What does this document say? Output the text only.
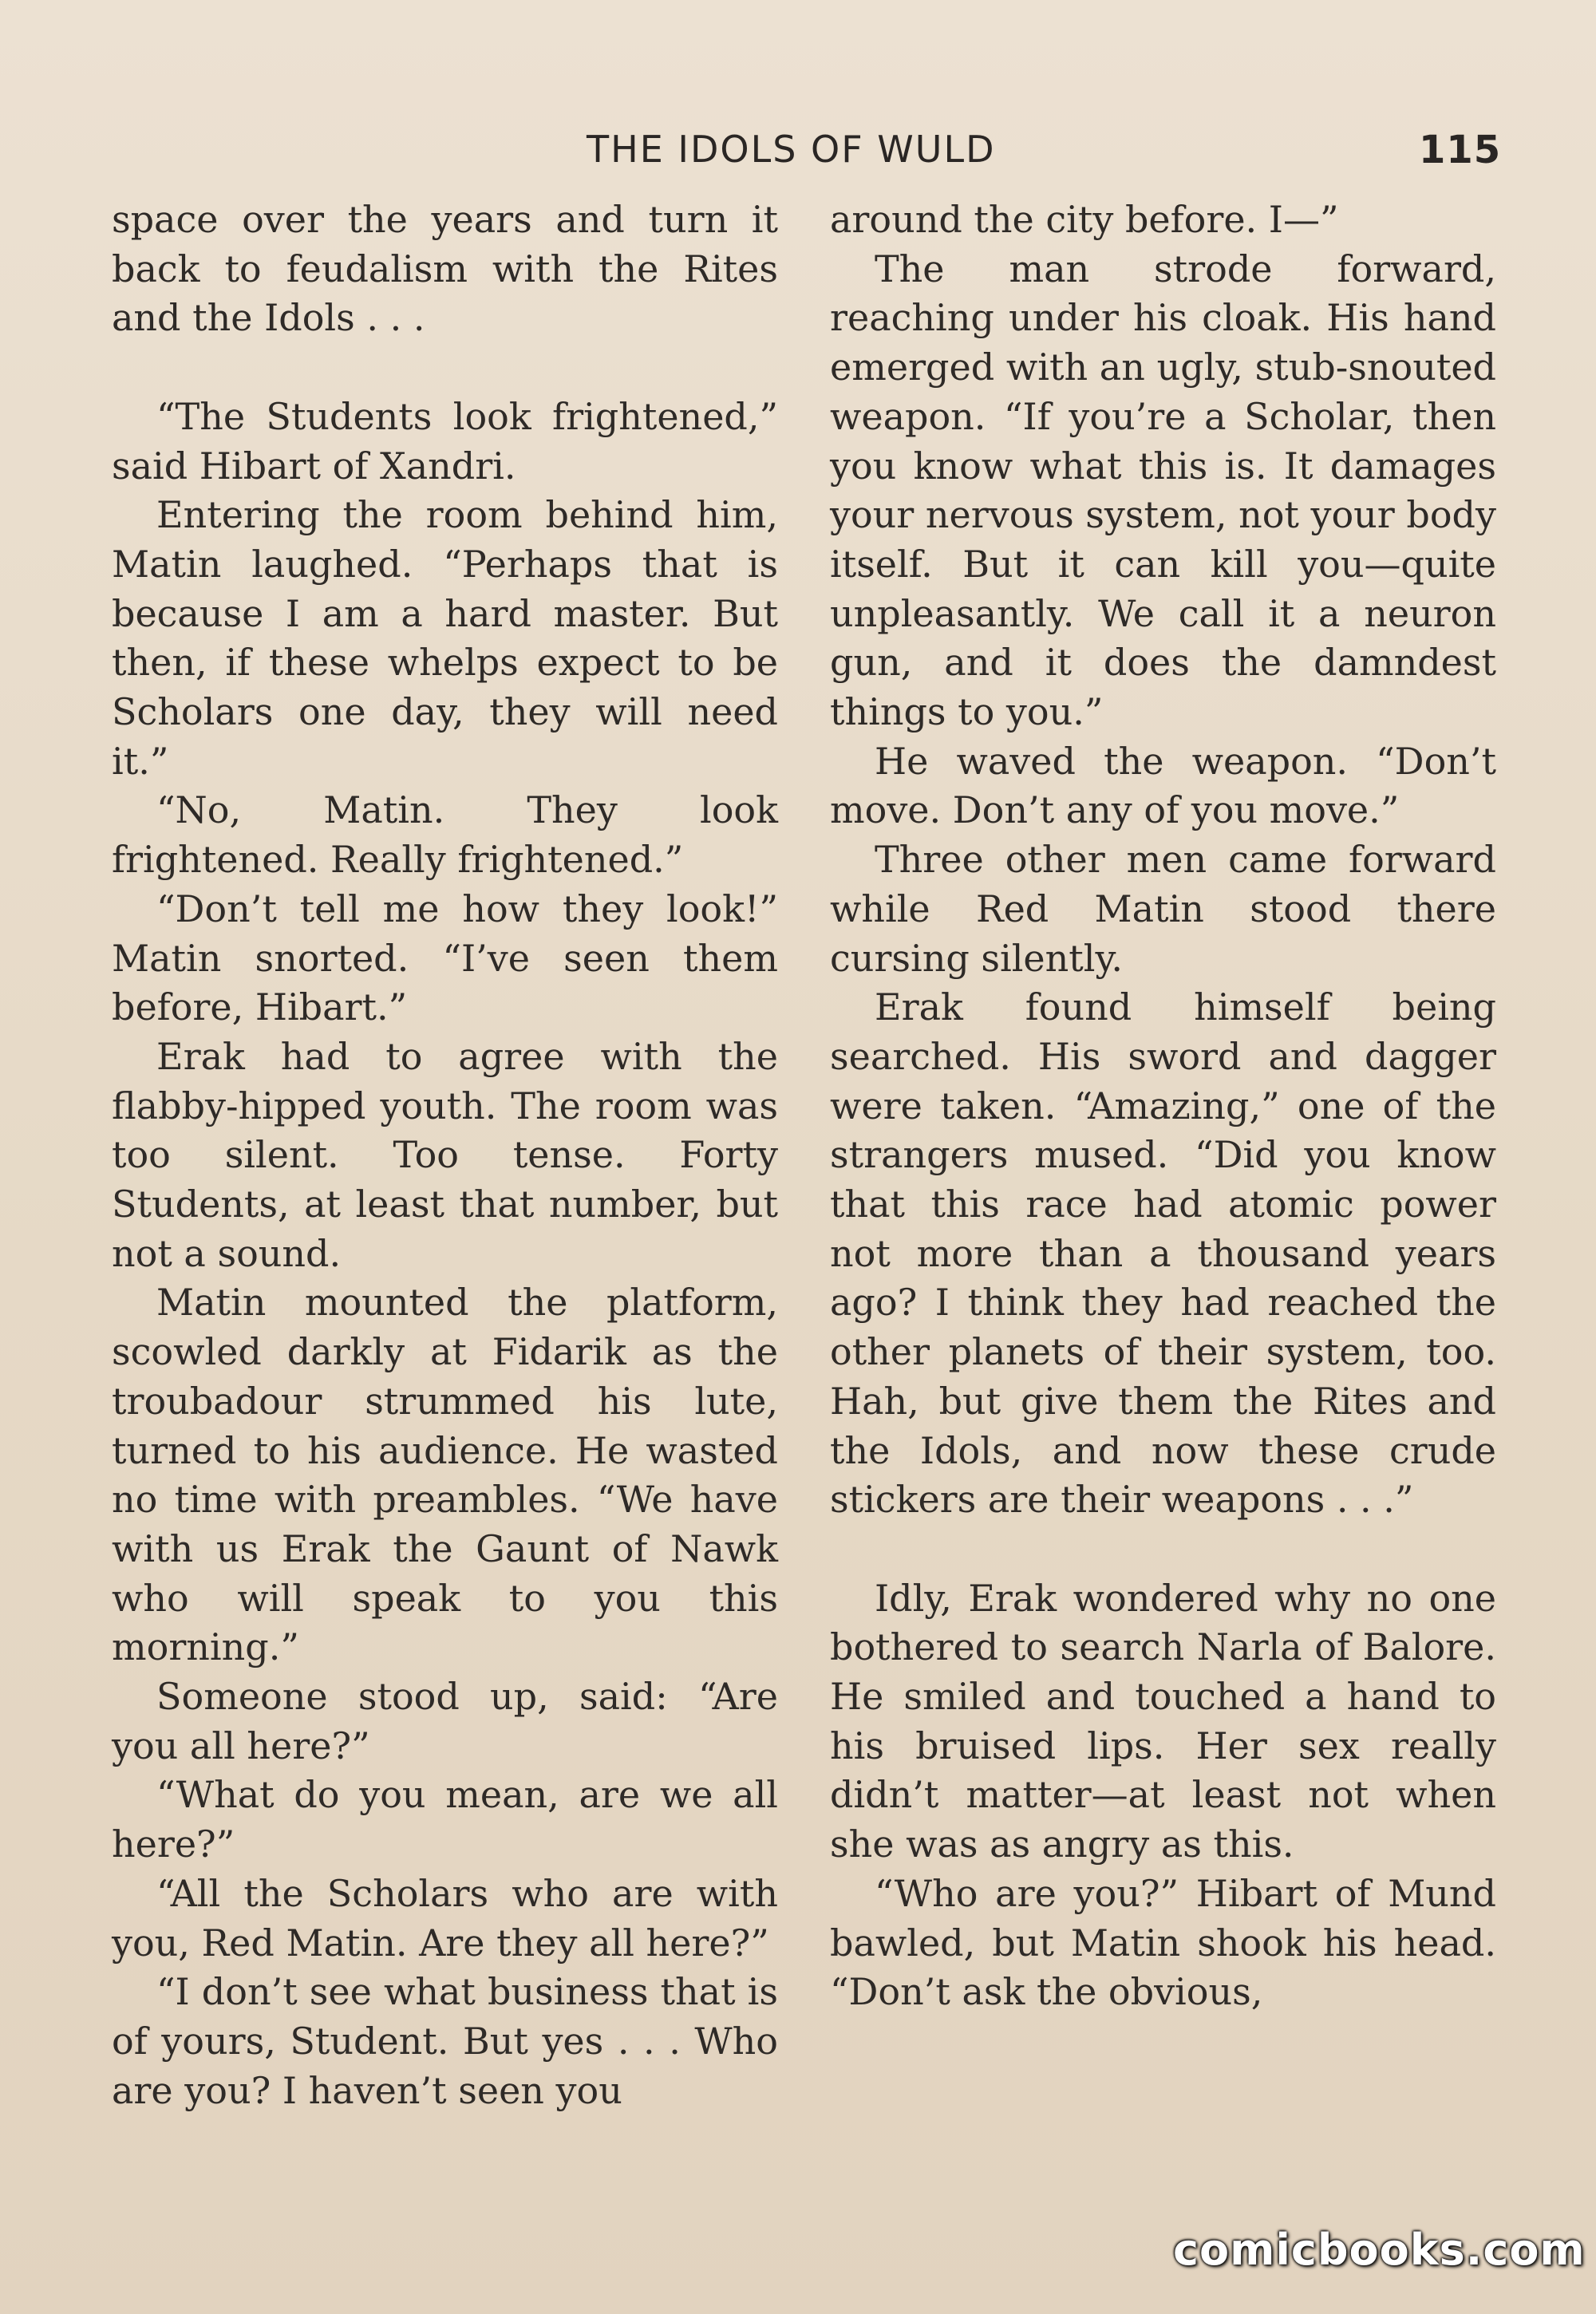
THE IDOLS OF WULD	115

space over the years and turn it back to feudalism with the Rites and the Idols . . .

“The Students look frightened,” said Hibart of Xandri.

Entering the room behind him, Matin laughed. “Perhaps that is because I am a hard master. But then, if these whelps expect to be Scholars one day, they will need it.”

“No, Matin. They look frightened. Really frightened.”

“Don’t tell me how they look!” Matin snorted. “I’ve seen them before, Hibart.”

Erak had to agree with the flabby-hipped youth. The room was too silent. Too tense. Forty Students, at least that number, but not a sound.

Matin mounted the platform, scowled darkly at Fidarik as the troubadour strummed his lute, turned to his audience. He wasted no time with preambles. “We have with us Erak the Gaunt of Nawk who will speak to you this morning.”

Someone stood up, said: “Are you all here?”

“What do you mean, are we all here?”

“All the Scholars who are with you, Red Matin. Are they all here?”

“I don’t see what business that is of yours, Student. But yes . . . Who are you? I haven’t seen you

around the city before. I—”

The man strode forward, reaching under his cloak. His hand emerged with an ugly, stub-snouted weapon. “If you’re a Scholar, then you know what this is. It damages your nervous system, not your body itself. But it can kill you—quite unpleasantly. We call it a neuron gun, and it does the damndest things to you.”

He waved the weapon. “Don’t move. Don’t any of you move.”

Three other men came forward while Red Matin stood there cursing silently.

Erak found himself being searched. His sword and dagger were taken. “Amazing,” one of the strangers mused. “Did you know that this race had atomic power not more than a thousand years ago? I think they had reached the other planets of their system, too. Hah, but give them the Rites and the Idols, and now these crude stickers are their weapons . . .”

Idly, Erak wondered why no one bothered to search Narla of Balore. He smiled and touched a hand to his bruised lips. Her sex really didn’t matter—at least not when she was as angry as this.

“Who are you?” Hibart of Mund bawled, but Matin shook his head. “Don’t ask the obvious,

comicbooks.com
